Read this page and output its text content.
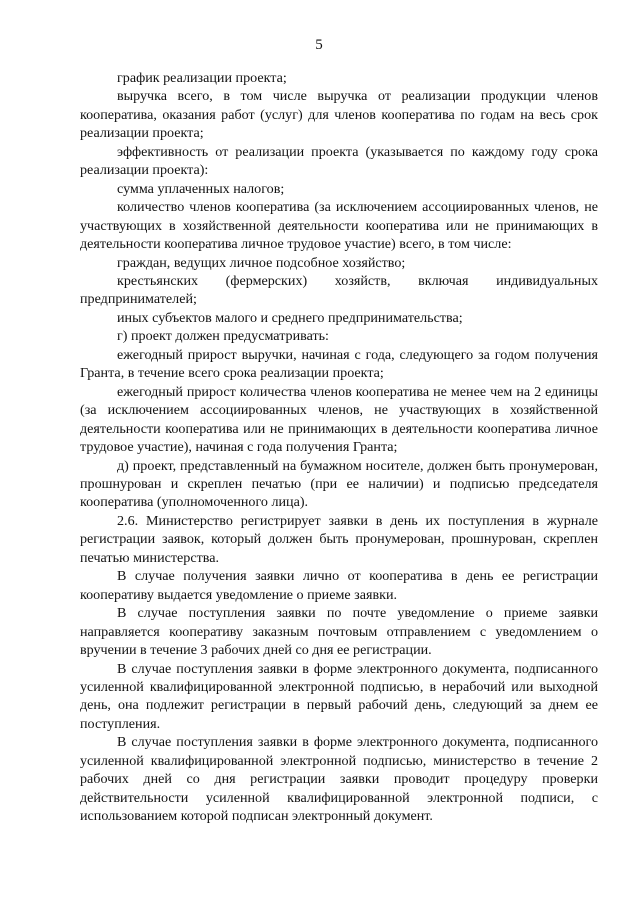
5

график реализации проекта;

выручка всего, в том числе выручка от реализации продукции членов кооператива, оказания работ (услуг) для членов кооператива по годам на весь срок реализации проекта;

эффективность от реализации проекта (указывается по каждому году срока реализации проекта):

сумма уплаченных налогов;

количество членов кооператива (за исключением ассоциированных членов, не участвующих в хозяйственной деятельности кооператива или не принимающих в деятельности кооператива личное трудовое участие) всего, в том числе:

граждан, ведущих личное подсобное хозяйство;

крестьянских (фермерских) хозяйств, включая индивидуальных предпринимателей;

иных субъектов малого и среднего предпринимательства;

г) проект должен предусматривать:

ежегодный прирост выручки, начиная с года, следующего за годом получения Гранта, в течение всего срока реализации проекта;

ежегодный прирост количества членов кооператива не менее чем на 2 единицы (за исключением ассоциированных членов, не участвующих в хозяйственной деятельности кооператива или не принимающих в деятельности кооператива личное трудовое участие), начиная с года получения Гранта;

д) проект, представленный на бумажном носителе, должен быть пронумерован, прошнурован и скреплен печатью (при ее наличии) и подписью председателя кооператива (уполномоченного лица).

2.6. Министерство регистрирует заявки в день их поступления в журнале регистрации заявок, который должен быть пронумерован, прошнурован, скреплен печатью министерства.

В случае получения заявки лично от кооператива в день ее регистрации кооперативу выдается уведомление о приеме заявки.

В случае поступления заявки по почте уведомление о приеме заявки направляется кооперативу заказным почтовым отправлением с уведомлением о вручении в течение 3 рабочих дней со дня ее регистрации.

В случае поступления заявки в форме электронного документа, подписанного усиленной квалифицированной электронной подписью, в нерабочий или выходной день, она подлежит регистрации в первый рабочий день, следующий за днем ее поступления.

В случае поступления заявки в форме электронного документа, подписанного усиленной квалифицированной электронной подписью, министерство в течение 2 рабочих дней со дня регистрации заявки проводит процедуру проверки действительности усиленной квалифицированной электронной подписи, с использованием которой подписан электронный документ.
